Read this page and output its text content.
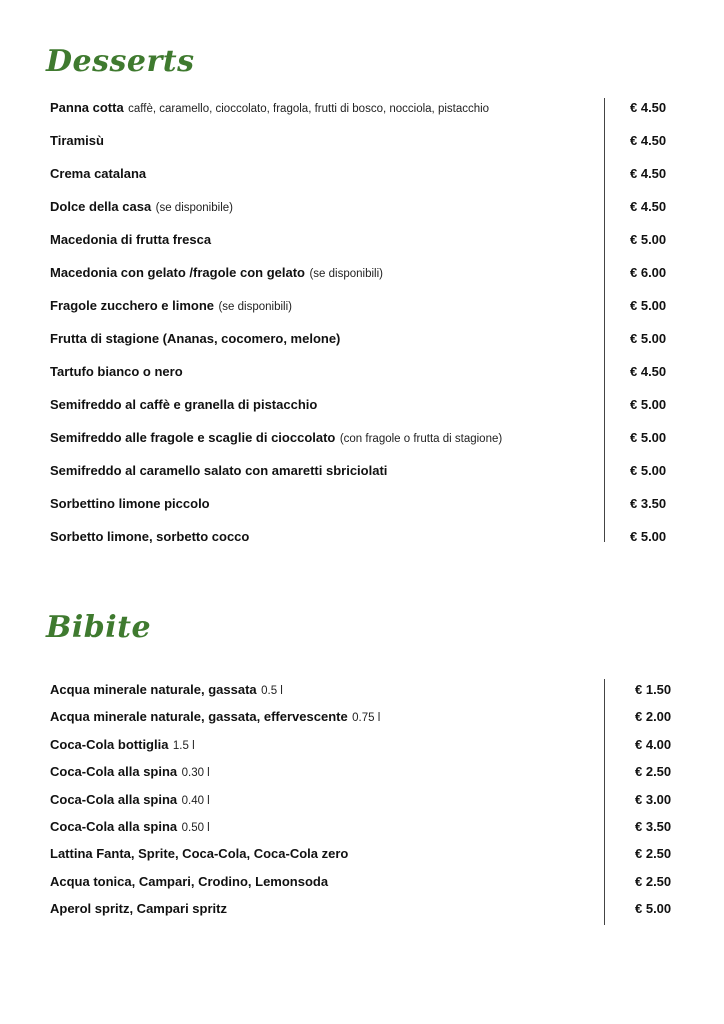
Desserts
Panna cotta caffè, caramello, cioccolato, fragola, frutti di bosco, nocciola, pistacchio	€ 4.50
Tiramisù	€ 4.50
Crema catalana	€ 4.50
Dolce della casa (se disponibile)	€ 4.50
Macedonia di frutta fresca	€ 5.00
Macedonia con gelato /fragole con gelato (se disponibili)	€ 6.00
Fragole zucchero e limone (se disponibili)	€ 5.00
Frutta di stagione (Ananas, cocomero, melone)	€ 5.00
Tartufo bianco o nero	€ 4.50
Semifreddo al caffè e granella di pistacchio	€ 5.00
Semifreddo alle fragole e scaglie di cioccolato (con fragole o frutta di stagione)	€ 5.00
Semifreddo al caramello salato con amaretti sbriciolati	€ 5.00
Sorbettino limone piccolo	€ 3.50
Sorbetto limone, sorbetto cocco	€ 5.00
Bibite
Acqua minerale naturale, gassata 0.5 l	€ 1.50
Acqua minerale naturale, gassata, effervescente 0.75 l	€ 2.00
Coca-Cola bottiglia 1.5 l	€ 4.00
Coca-Cola alla spina 0.30 l	€ 2.50
Coca-Cola alla spina 0.40 l	€ 3.00
Coca-Cola alla spina 0.50 l	€ 3.50
Lattina Fanta, Sprite, Coca-Cola, Coca-Cola zero	€ 2.50
Acqua tonica, Campari, Crodino, Lemonsoda	€ 2.50
Aperol spritz, Campari spritz	€ 5.00
